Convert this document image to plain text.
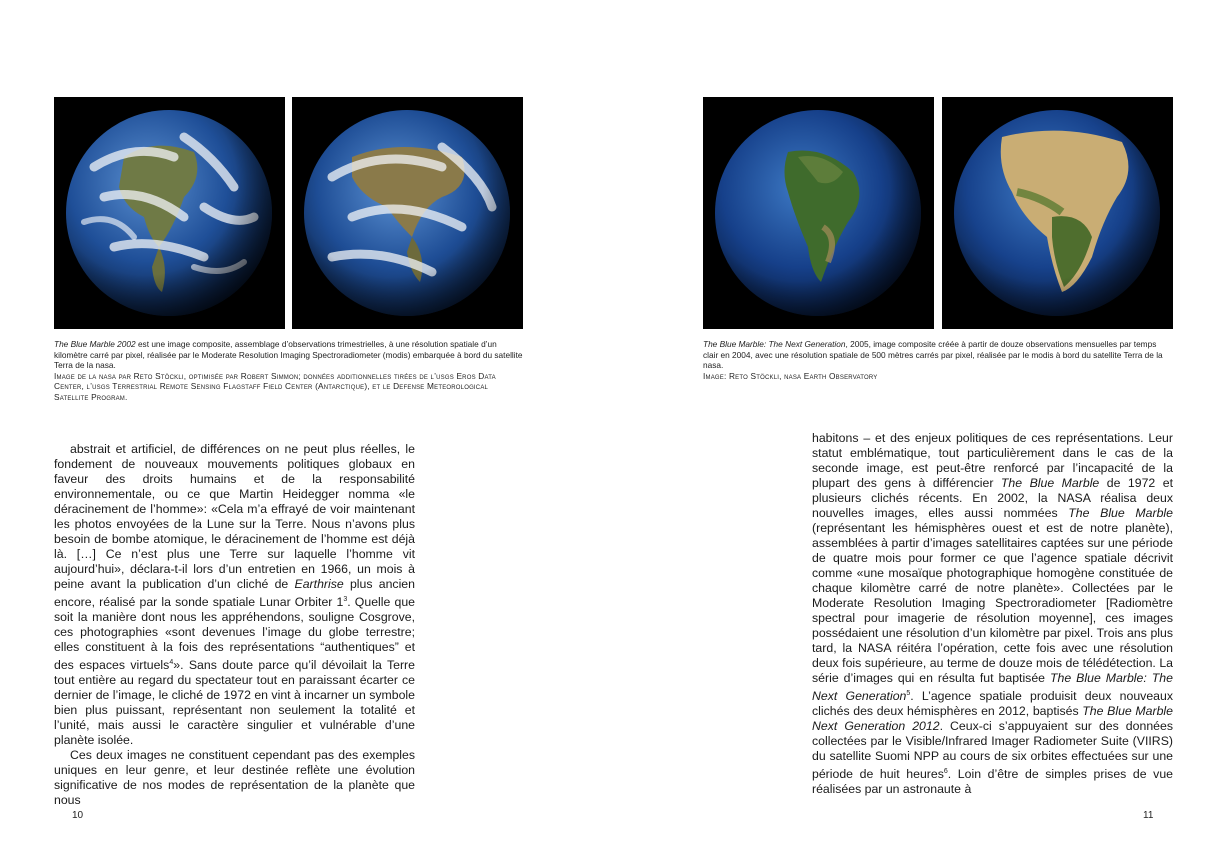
The Blue Marble 2002 est une image composite, assemblage d’observations trimestrielles, à une résolution spatiale d’un kilomètre carré par pixel, réalisée par le Moderate Resolution Imaging Spectroradiometer (modis) embarquée à bord du satellite Terra de la nasa.
Image de la nasa par Reto Stöckli, optimisée par Robert Simmon; données additionnelles tirées de l’usgs Eros Data Center, l’usgs Terrestrial Remote Sensing Flagstaff Field Center (Antarctique), et le Defense Meteorological Satellite Program.

abstrait et artificiel, de différences on ne peut plus réelles, le fondement de nouveaux mouvements politiques globaux en faveur des droits humains et de la responsabilité environnementale, ou ce que Martin Heidegger nomma «le déracinement de l’homme»: «Cela m’a effrayé de voir maintenant les photos envoyées de la Lune sur la Terre. Nous n’avons plus besoin de bombe atomique, le déracinement de l’homme est déjà là. […] Ce n’est plus une Terre sur laquelle l’homme vit aujourd’hui», déclara-t-il lors d’un entretien en 1966, un mois à peine avant la publication d’un cliché de Earthrise plus ancien encore, réalisé par la sonde spatiale Lunar Orbiter $1^3$. Quelle que soit la manière dont nous les appréhendons, souligne Cosgrove, ces photographies «sont devenues l’image du globe terrestre; elles constituent à la fois des représentations “authentiques” et des espaces virtuels$^4$». Sans doute parce qu’il dévoilait la Terre tout entière au regard du spectateur tout en paraissant écarter ce dernier de l’image, le cliché de 1972 en vint à incarner un symbole bien plus puissant, représentant non seulement la totalité et l’unité, mais aussi le caractère singulier et vulnérable d’une planète isolée.

Ces deux images ne constituent cependant pas des exemples uniques en leur genre, et leur destinée reflète une évolution significative de nos modes de représentation de la planète que nous

10
The Blue Marble: The Next Generation, 2005, image composite créée à partir de douze observations mensuelles par temps clair en 2004, avec une résolution spatiale de 500 mètres carrés par pixel, réalisée par le modis à bord du satellite Terra de la nasa.
Image: Reto Stöckli, nasa Earth Observatory

habitons – et des enjeux politiques de ces représentations. Leur statut emblématique, tout particulièrement dans le cas de la seconde image, est peut-être renforcé par l’incapacité de la plupart des gens à différencier The Blue Marble de 1972 et plusieurs clichés récents. En 2002, la NASA réalisa deux nouvelles images, elles aussi nommées The Blue Marble (représentant les hémisphères ouest et est de notre planète), assemblées à partir d’images satellitaires captées sur une période de quatre mois pour former ce que l’agence spatiale décrivit comme «une mosaïque photographique homogène constituée de chaque kilomètre carré de notre planète». Collectées par le Moderate Resolution Imaging Spectroradiometer [Radiomètre spectral pour imagerie de résolution moyenne], ces images possédaient une résolution d’un kilomètre par pixel. Trois ans plus tard, la NASA réitéra l’opération, cette fois avec une résolution deux fois supérieure, au terme de douze mois de télédétection. La série d’images qui en résulta fut baptisée The Blue Marble: The Next Generation$^5$. L’agence spatiale produisit deux nouveaux clichés des deux hémisphères en 2012, baptisés The Blue Marble Next Generation 2012. Ceux-ci s’appuyaient sur des données collectées par le Visible/Infrared Imager Radiometer Suite (VIIRS) du satellite Suomi NPP au cours de six orbites effectuées sur une période de huit heures$^6$. Loin d’être de simples prises de vue réalisées par un astronaute à

11
